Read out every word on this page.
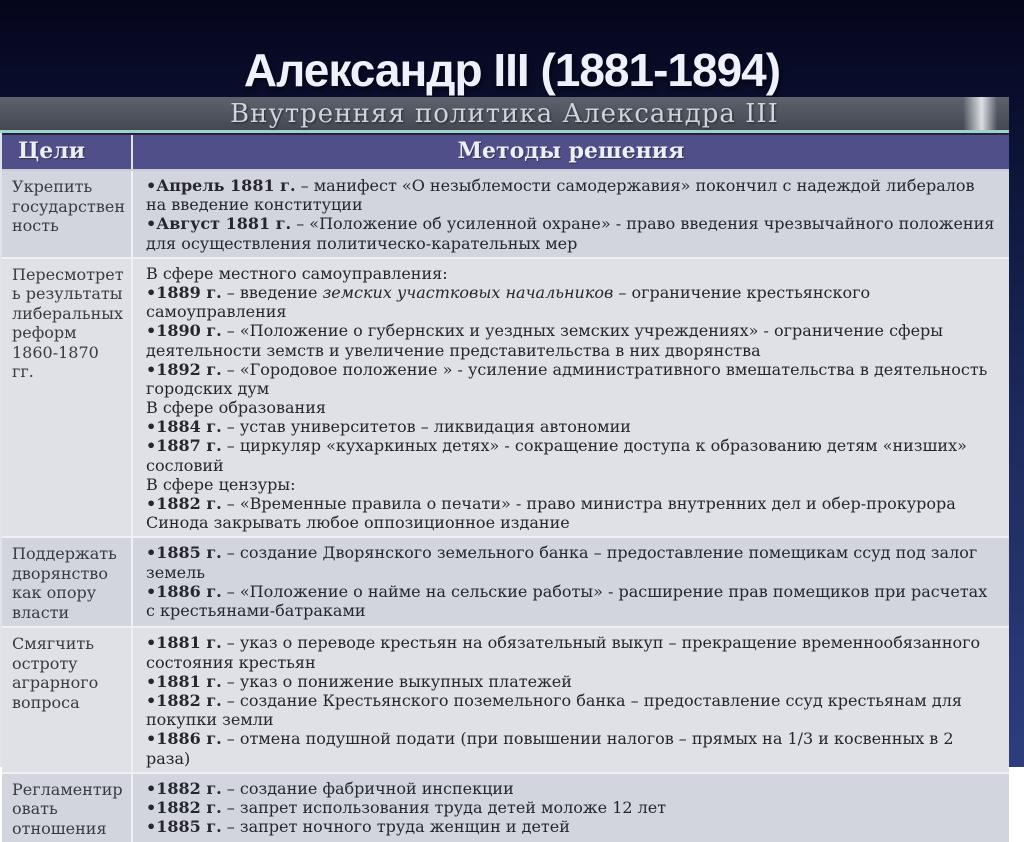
Александр III (1881-1894)
Внутренняя политика Александра III
Цели	Методы решения
Укрепить государственность
•Апрель 1881 г. – манифест «О незыблемости самодержавия» покончил с надеждой либералов на введение конституции
•Август 1881 г. – «Положение об усиленной охране» - право введения чрезвычайного положения для осуществления политическо-карательных мер
Пересмотреть результаты либеральных реформ 1860-1870 гг.
В сфере местного самоуправления:
•1889 г. – введение земских участковых начальников – ограничение крестьянского самоуправления
•1890 г. – «Положение о губернских и уездных земских учреждениях» - ограничение сферы деятельности земств и увеличение представительства в них дворянства
•1892 г. – «Городовое положение » - усиление административного вмешательства в деятельность городских дум
В сфере образования
•1884 г. – устав университетов – ликвидация автономии
•1887 г. – циркуляр «кухаркиных детях» - сокращение доступа к образованию детям «низших» сословий
В сфере цензуры:
•1882 г. – «Временные правила о печати» - право министра внутренних дел и обер-прокурора Синода закрывать любое оппозиционное издание
Поддержать дворянство как опору власти
•1885 г. – создание Дворянского земельного банка – предоставление помещикам ссуд под залог земель
•1886 г. – «Положение о найме на сельские работы» - расширение прав помещиков при расчетах с крестьянами-батраками
Смягчить остроту аграрного вопроса
•1881 г. – указ о переводе крестьян на обязательный выкуп – прекращение временнообязанного состояния крестьян
•1881 г. – указ о понижение выкупных платежей
•1882 г. – создание Крестьянского поземельного банка – предоставление ссуд крестьянам для покупки земли
•1886 г. – отмена подушной подати (при повышении налогов – прямых на 1/3 и косвенных в 2 раза)
Регламентировать отношения
•1882 г. – создание фабричной инспекции
•1882 г. – запрет использования труда детей моложе 12 лет
•1885 г. – запрет ночного труда женщин и детей
